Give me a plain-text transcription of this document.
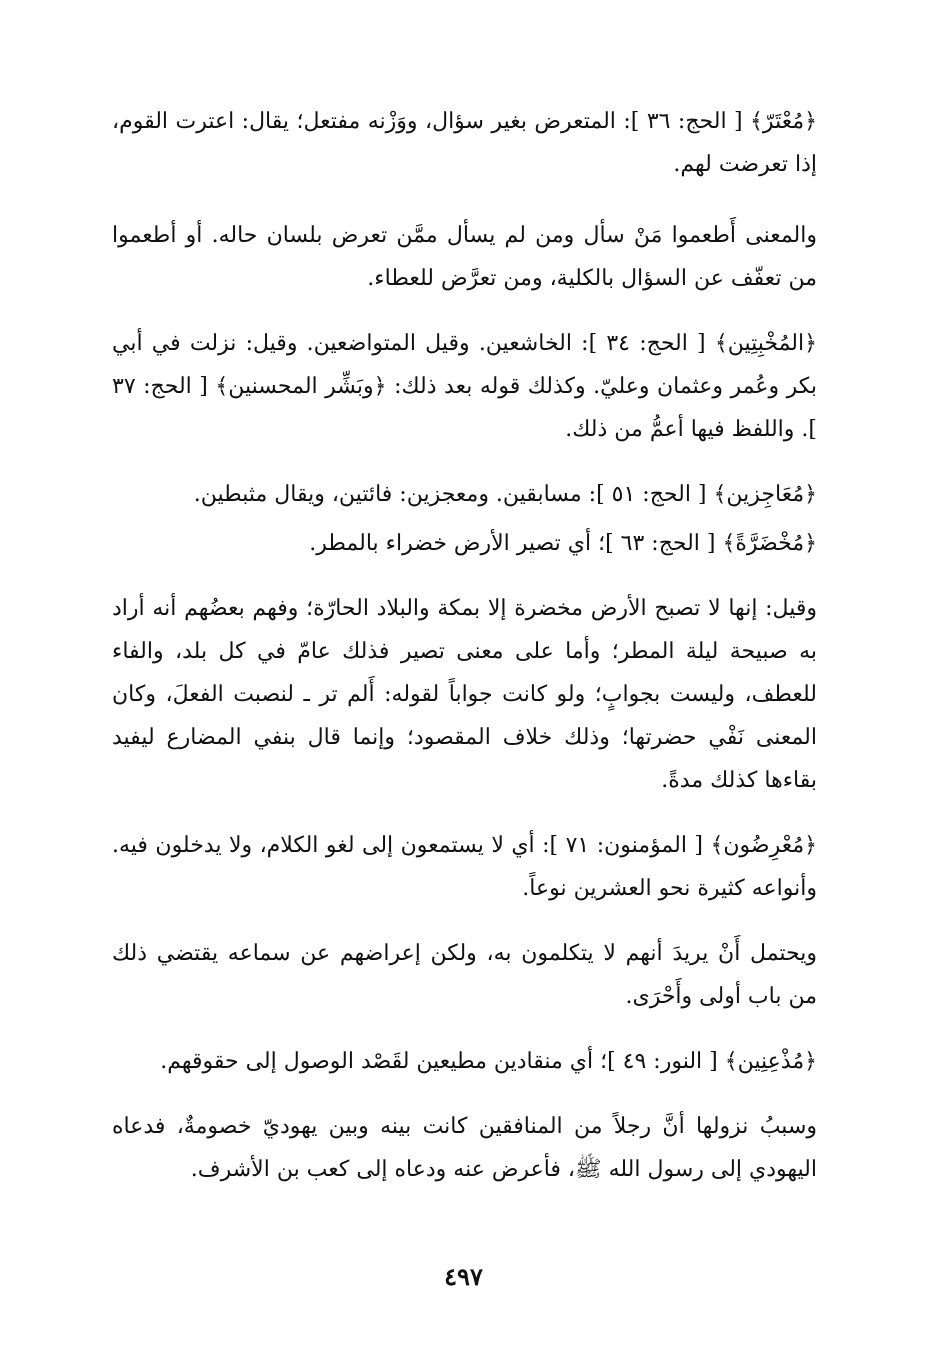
﴿مُعْتَرّ﴾ [ الحج: ٣٦ ]: المتعرض بغير سؤال، ووَزْنه مفتعل؛ يقال: اعترت القوم، إذا تعرضت لهم.

والمعنى أَطعموا مَنْ سأل ومن لم يسأل ممَّن تعرض بلسان حاله. أو أطعموا من تعفّف عن السؤال بالكلية، ومن تعرَّض للعطاء.

﴿المُخْبِتِين﴾ [ الحج: ٣٤ ]: الخاشعين. وقيل المتواضعين. وقيل: نزلت في أبي بكر وعُمر وعثمان وعليّ. وكذلك قوله بعد ذلك: ﴿وبَشِّر المحسنين﴾ [ الحج: ٣٧ ]. واللفظ فيها أعمُّ من ذلك.

﴿مُعَاجِزين﴾ [ الحج: ٥١ ]: مسابقين. ومعجزين: فائتين، ويقال مثبطين.

﴿مُخْضَرَّةً﴾ [ الحج: ٦٣ ]؛ أي تصير الأرض خضراء بالمطر.

وقيل: إنها لا تصبح الأرض مخضرة إلا بمكة والبلاد الحارّة؛ وفهم بعضُهم أنه أراد به صبيحة ليلة المطر؛ وأما على معنى تصير فذلك عامّ في كل بلد، والفاء للعطف، وليست بجوابٍ؛ ولو كانت جواباً لقوله: أَلم تر ـ لنصبت الفعلَ، وكان المعنى نَفْي حضرتها؛ وذلك خلاف المقصود؛ وإنما قال بنفي المضارع ليفيد بقاءها كذلك مدةً.

﴿مُعْرِضُون﴾ [ المؤمنون: ٧١ ]: أي لا يستمعون إلى لغو الكلام، ولا يدخلون فيه. وأنواعه كثيرة نحو العشرين نوعاً.

ويحتمل أَنْ يريدَ أنهم لا يتكلمون به، ولكن إعراضهم عن سماعه يقتضي ذلك من باب أولى وأَحْرَى.

﴿مُذْعِنِين﴾ [ النور: ٤٩ ]؛ أي منقادين مطيعين لقَصْد الوصول إلى حقوقهم.

وسببُ نزولها أنَّ رجلاً من المنافقين كانت بينه وبين يهوديّ خصومةٌ، فدعاه اليهودي إلى رسول الله ﷺ، فأعرض عنه ودعاه إلى كعب بن الأشرف.

٤٩٧
